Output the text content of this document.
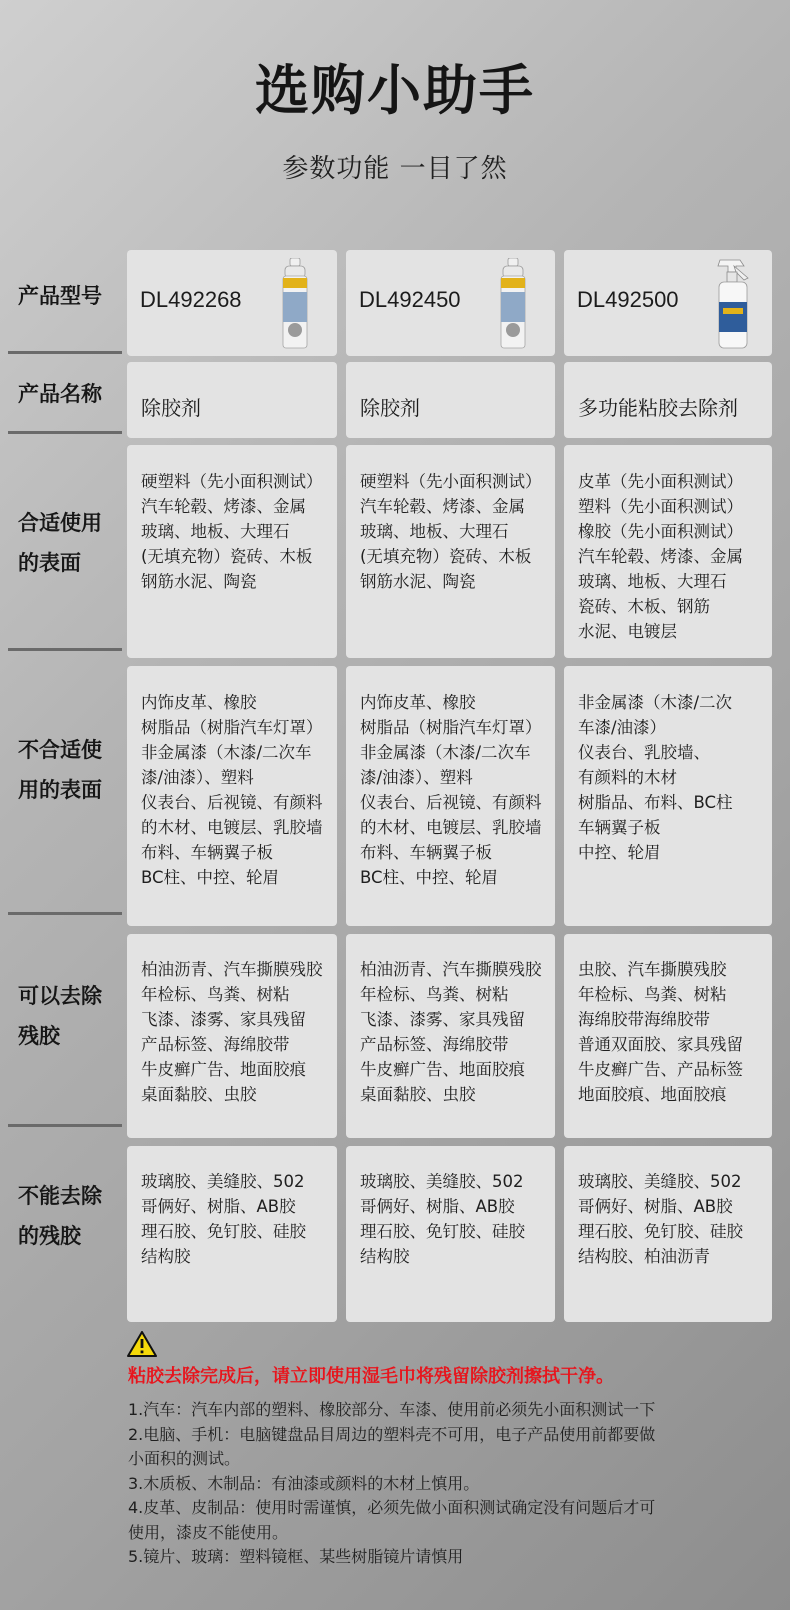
选购小助手
参数功能 一目了然
产品型号
产品名称
合适使用
的表面
不合适使
用的表面
可以去除
残胶
不能去除
的残胶
DL492268
除胶剂
硬塑料（先小面积测试）
汽车轮毂、烤漆、金属
玻璃、地板、大理石
(无填充物）瓷砖、木板
钢筋水泥、陶瓷
内饰皮革、橡胶
树脂品（树脂汽车灯罩）
非金属漆（木漆/二次车
漆/油漆）、塑料
仪表台、后视镜、有颜料
的木材、电镀层、乳胶墙
布料、车辆翼子板
BC柱、中控、轮眉
柏油沥青、汽车撕膜残胶
年检标、鸟粪、树粘
飞漆、漆雾、家具残留
产品标签、海绵胶带
牛皮癣广告、地面胶痕
桌面黏胶、虫胶
玻璃胶、美缝胶、502
哥俩好、树脂、AB胶
理石胶、免钉胶、硅胶
结构胶
DL492450
除胶剂
硬塑料（先小面积测试）
汽车轮毂、烤漆、金属
玻璃、地板、大理石
(无填充物）瓷砖、木板
钢筋水泥、陶瓷
内饰皮革、橡胶
树脂品（树脂汽车灯罩）
非金属漆（木漆/二次车
漆/油漆）、塑料
仪表台、后视镜、有颜料
的木材、电镀层、乳胶墙
布料、车辆翼子板
BC柱、中控、轮眉
柏油沥青、汽车撕膜残胶
年检标、鸟粪、树粘
飞漆、漆雾、家具残留
产品标签、海绵胶带
牛皮癣广告、地面胶痕
桌面黏胶、虫胶
玻璃胶、美缝胶、502
哥俩好、树脂、AB胶
理石胶、免钉胶、硅胶
结构胶
DL492500
多功能粘胶去除剂
皮革（先小面积测试）
塑料（先小面积测试）
橡胶（先小面积测试）
汽车轮毂、烤漆、金属
玻璃、地板、大理石
瓷砖、木板、钢筋
水泥、电镀层
非金属漆（木漆/二次
车漆/油漆）
仪表台、乳胶墙、
有颜料的木材
树脂品、布料、BC柱
车辆翼子板
中控、轮眉
虫胶、汽车撕膜残胶
年检标、鸟粪、树粘
海绵胶带海绵胶带
普通双面胶、家具残留
牛皮癣广告、产品标签
地面胶痕、地面胶痕
玻璃胶、美缝胶、502
哥俩好、树脂、AB胶
理石胶、免钉胶、硅胶
结构胶、柏油沥青
粘胶去除完成后，请立即使用湿毛巾将残留除胶剂擦拭干净。
1.汽车：汽车内部的塑料、橡胶部分、车漆、使用前必须先小面积测试一下
2.电脑、手机：电脑键盘品目周边的塑料壳不可用，电子产品使用前都要做
小面积的测试。
3.木质板、木制品：有油漆或颜料的木材上慎用。
4.皮革、皮制品：使用时需谨慎，必须先做小面积测试确定没有问题后才可
使用，漆皮不能使用。
5.镜片、玻璃：塑料镜框、某些树脂镜片请慎用
